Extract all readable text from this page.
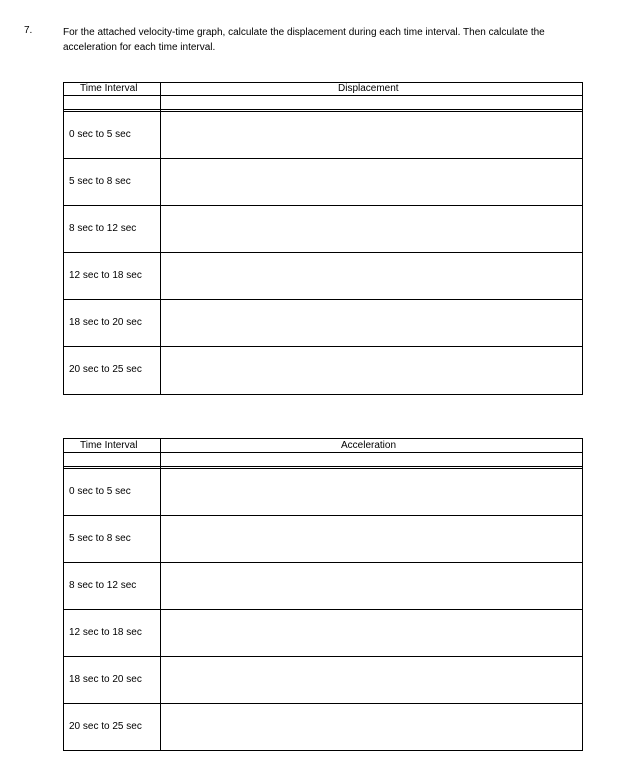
7.	For the attached velocity-time graph, calculate the displacement during each time interval. Then calculate the
acceleration for each time interval.
Time Interval	Displacement
0 sec to 5 sec
5 sec to 8 sec
8 sec to 12 sec
12 sec to 18 sec
18 sec to 20 sec
20 sec to 25 sec
Time Interval	Acceleration
0 sec to 5 sec
5 sec to 8 sec
8 sec to 12 sec
12 sec to 18 sec
18 sec to 20 sec
20 sec to 25 sec
